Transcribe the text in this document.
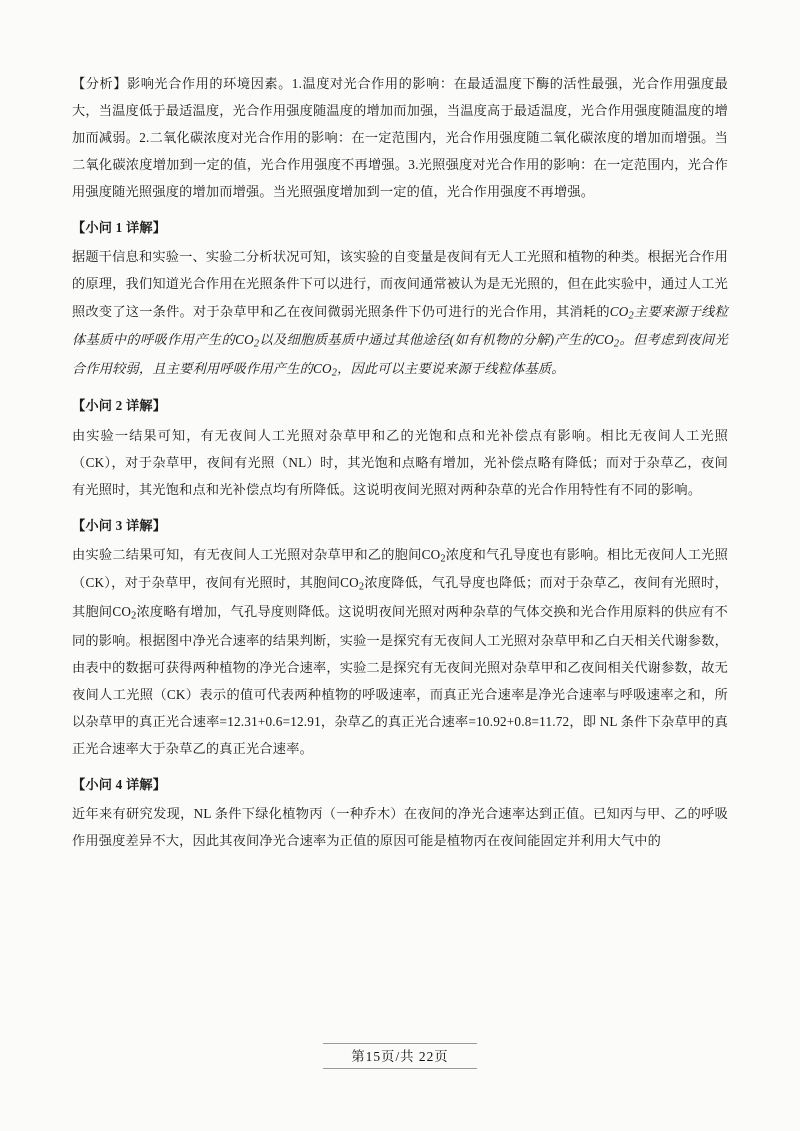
【分析】影响光合作用的环境因素。1.温度对光合作用的影响：在最适温度下酶的活性最强，光合作用强度最大，当温度低于最适温度，光合作用强度随温度的增加而加强，当温度高于最适温度，光合作用强度随温度的增加而减弱。2.二氧化碳浓度对光合作用的影响：在一定范围内，光合作用强度随二氧化碳浓度的增加而增强。当二氧化碳浓度增加到一定的值，光合作用强度不再增强。3.光照强度对光合作用的影响：在一定范围内，光合作用强度随光照强度的增加而增强。当光照强度增加到一定的值，光合作用强度不再增强。

【小问 1 详解】

据题干信息和实验一、实验二分析状况可知，该实验的自变量是夜间有无人工光照和植物的种类。根据光合作用的原理，我们知道光合作用在光照条件下可以进行，而夜间通常被认为是无光照的，但在此实验中，通过人工光照改变了这一条件。对于杂草甲和乙在夜间微弱光照条件下仍可进行的光合作用，其消耗的$CO_2$主要来源于线粒体基质中的呼吸作用产生的$CO_2$以及细胞质基质中通过其他途径(如有机物的分解)产生的$CO_2$。但考虑到夜间光合作用较弱，且主要利用呼吸作用产生的$CO_2$，因此可以主要说来源于线粒体基质。

【小问 2 详解】

由实验一结果可知，有无夜间人工光照对杂草甲和乙的光饱和点和光补偿点有影响。相比无夜间人工光照（CK），对于杂草甲，夜间有光照（NL）时，其光饱和点略有增加，光补偿点略有降低；而对于杂草乙，夜间有光照时，其光饱和点和光补偿点均有所降低。这说明夜间光照对两种杂草的光合作用特性有不同的影响。

【小问 3 详解】

由实验二结果可知，有无夜间人工光照对杂草甲和乙的胞间$CO_2$浓度和气孔导度也有影响。相比无夜间人工光照（CK），对于杂草甲，夜间有光照时，其胞间$CO_2$浓度降低，气孔导度也降低；而对于杂草乙，夜间有光照时，其胞间$CO_2$浓度略有增加，气孔导度则降低。这说明夜间光照对两种杂草的气体交换和光合作用原料的供应有不同的影响。根据图中净光合速率的结果判断，实验一是探究有无夜间人工光照对杂草甲和乙白天相关代谢参数，由表中的数据可获得两种植物的净光合速率，实验二是探究有无夜间光照对杂草甲和乙夜间相关代谢参数，故无夜间人工光照（CK）表示的值可代表两种植物的呼吸速率，而真正光合速率是净光合速率与呼吸速率之和，所以杂草甲的真正光合速率=12.31+0.6=12.91，杂草乙的真正光合速率=10.92+0.8=11.72，即 NL 条件下杂草甲的真正光合速率大于杂草乙的真正光合速率。

【小问 4 详解】

近年来有研究发现，NL 条件下绿化植物丙（一种乔木）在夜间的净光合速率达到正值。已知丙与甲、乙的呼吸作用强度差异不大，因此其夜间净光合速率为正值的原因可能是植物丙在夜间能固定并利用大气中的

第15页/共 22页
